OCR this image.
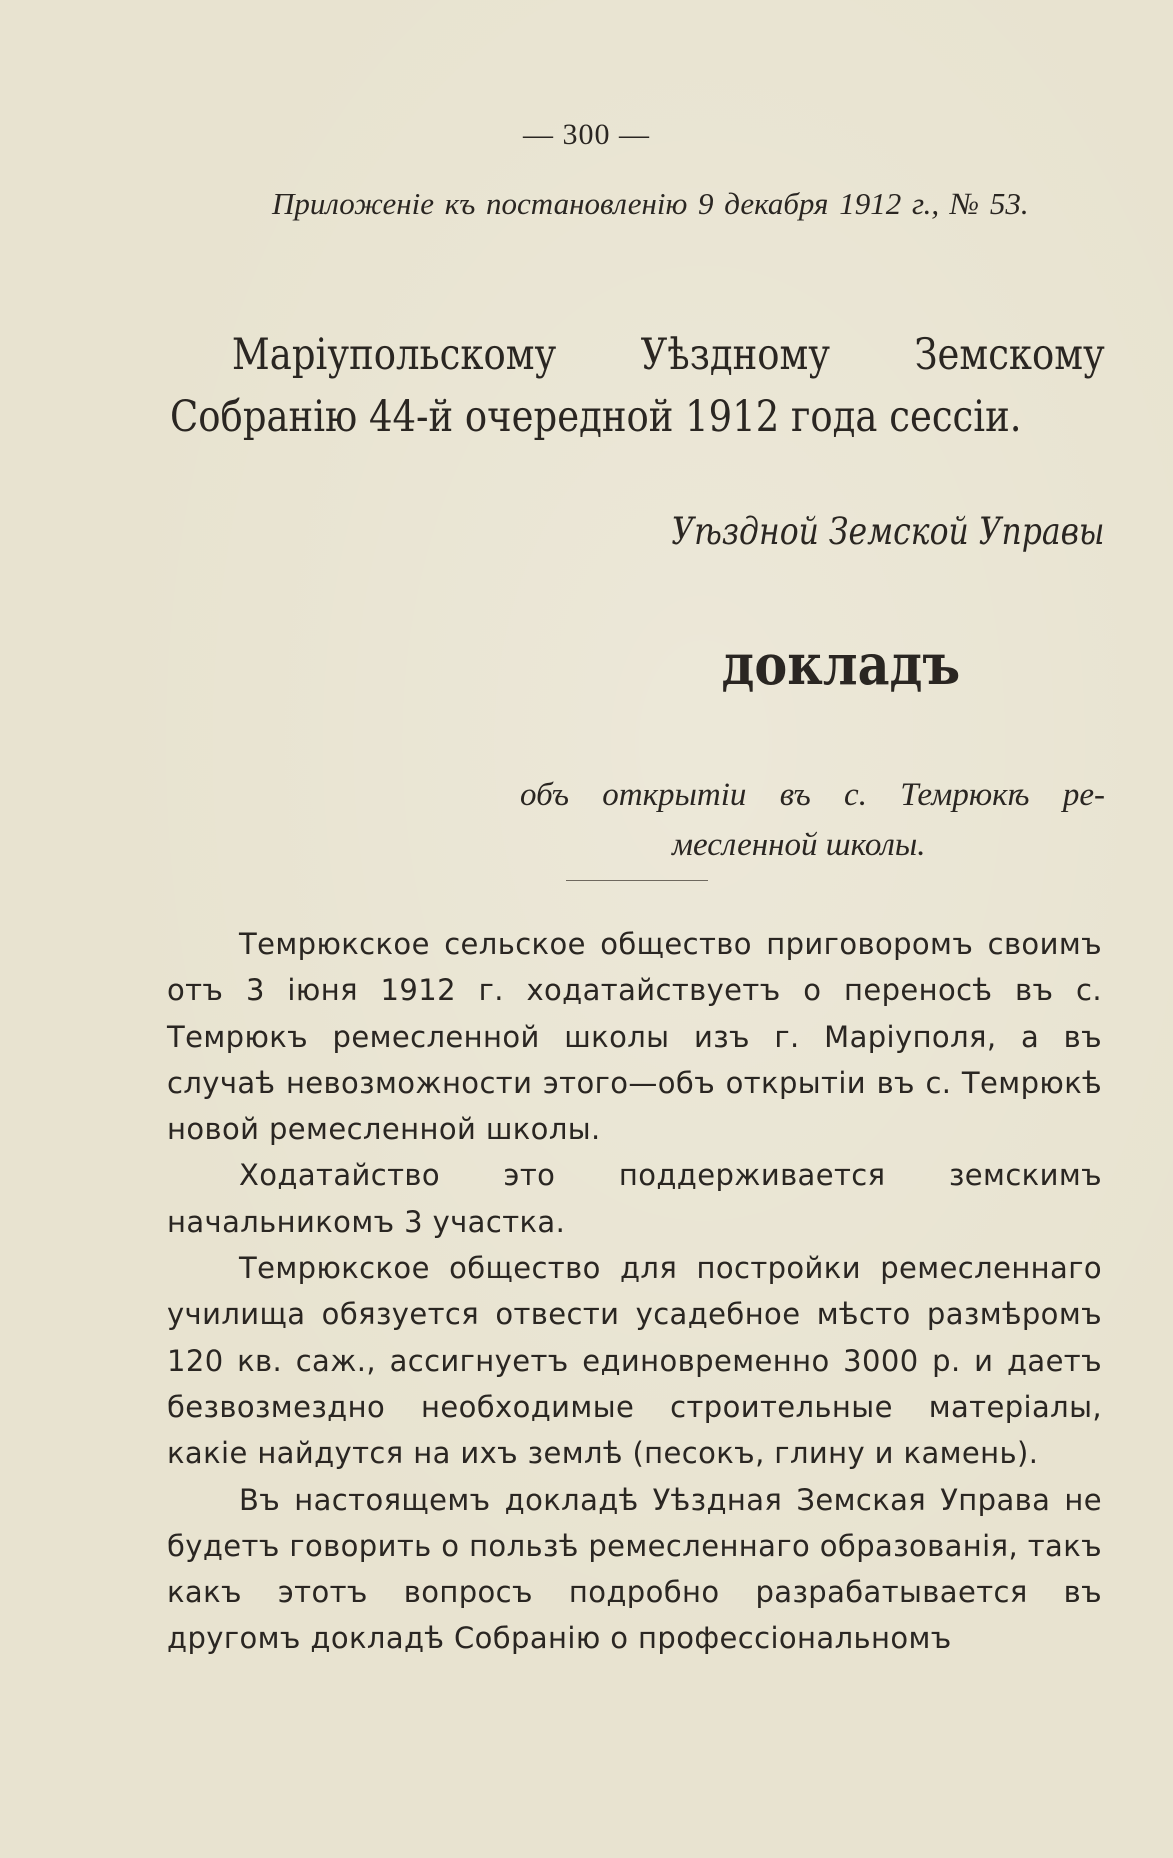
— 300 —
Приложеніе къ постановленію 9 декабря 1912 г., № 53.
Маріупольскому Уѣздному Земскому Собранію 44-й очередной 1912 года сессіи.
Уѣздной Земской Управы
докладъ
объ открытіи въ с. Темрюкѣ ре-
месленной школы.

Темрюкское сельское общество приговоромъ своимъ отъ 3 іюня 1912 г. ходатайствуетъ о переносѣ въ с. Темрюкъ ремесленной школы изъ г. Маріуполя, а въ случаѣ невозможности этого—объ открытіи въ с. Темрюкѣ новой ремесленной школы.

Ходатайство это поддерживается земскимъ начальникомъ 3 участка.

Темрюкское общество для постройки ремесленнаго училища обязуется отвести усадебное мѣсто размѣромъ 120 кв. саж., ассигнуетъ единовременно 3000 р. и даетъ безвозмездно необходимые строительные матеріалы, какіе найдутся на ихъ землѣ (песокъ, глину и камень).

Въ настоящемъ докладѣ Уѣздная Земская Управа не будетъ говорить о пользѣ ремесленнаго образованія, такъ какъ этотъ вопросъ подробно разрабатывается въ другомъ докладѣ Собранію о профессіональномъ
